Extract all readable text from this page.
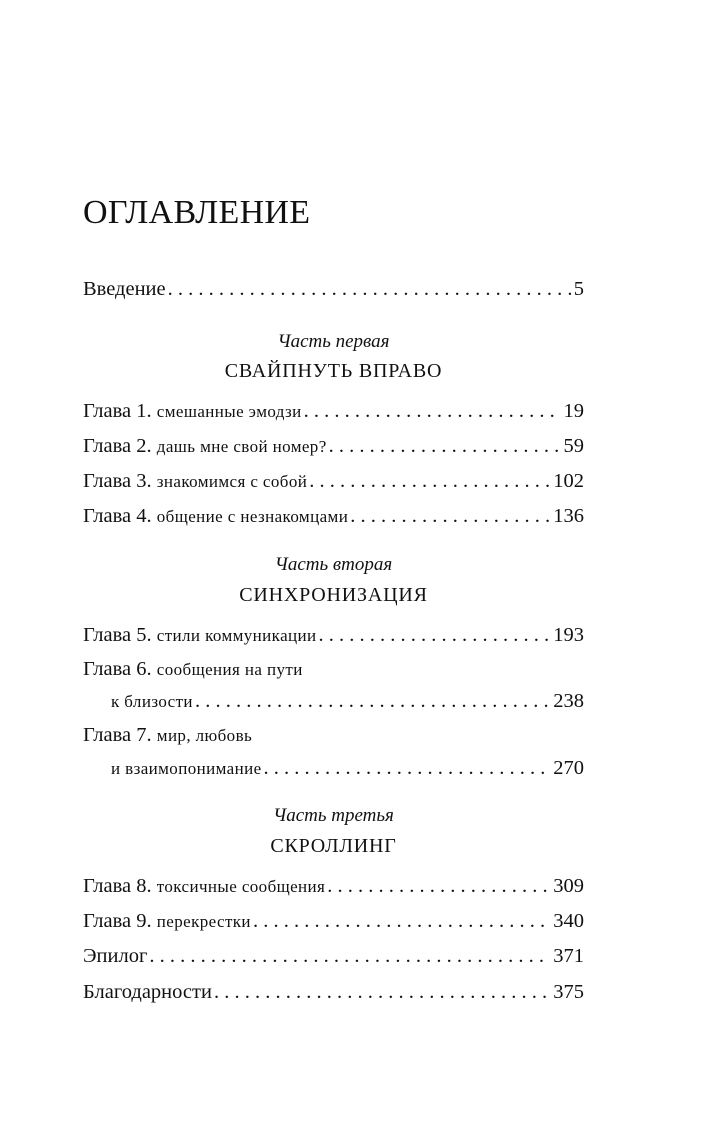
ОГЛАВЛЕНИЕ
Введение . . .	5
Часть первая
СВАЙПНУТЬ ВПРАВО
Глава 1. смешанные эмодзи . . .	19
Глава 2. дашь мне свой номер? . . .	59
Глава 3. знакомимся с собой . . .	102
Глава 4. общение с незнакомцами . . .	136
Часть вторая
СИНХРОНИЗАЦИЯ
Глава 5. стили коммуникации . . .	193
Глава 6. сообщения на пути
к близости . . .	238
Глава 7. мир, любовь
и взаимопонимание . . .	270
Часть третья
СКРОЛЛИНГ
Глава 8. токсичные сообщения . . .	309
Глава 9. перекрестки . . .	340
Эпилог . . .	371
Благодарности . . .	375
